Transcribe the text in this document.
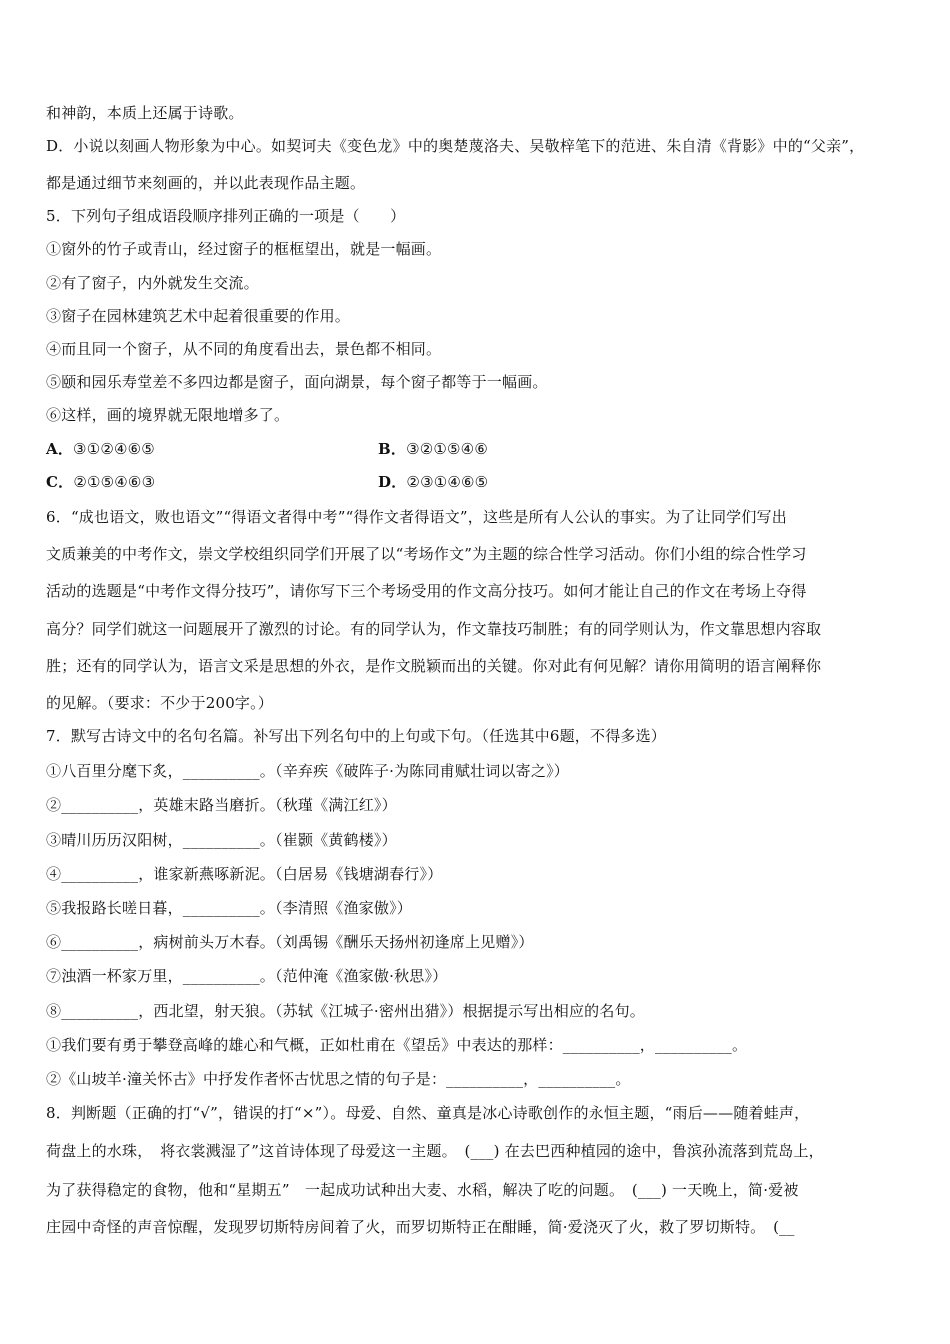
和神韵，本质上还属于诗歌。
D．小说以刻画人物形象为中心。如契诃夫《变色龙》中的奥楚蔑洛夫、吴敬梓笔下的范进、朱自清《背影》中的“父亲”，
都是通过细节来刻画的，并以此表现作品主题。
5．下列句子组成语段顺序排列正确的一项是（　　）
①窗外的竹子或青山，经过窗子的框框望出，就是一幅画。
②有了窗子，内外就发生交流。
③窗子在园林建筑艺术中起着很重要的作用。
④而且同一个窗子，从不同的角度看出去，景色都不相同。
⑤颐和园乐寿堂差不多四边都是窗子，面向湖景，每个窗子都等于一幅画。
⑥这样，画的境界就无限地增多了。
A．③①②④⑥⑤	B．③②①⑤④⑥
C．②①⑤④⑥③	D．②③①④⑥⑤
6．“成也语文，败也语文”“得语文者得中考”“得作文者得语文”，这些是所有人公认的事实。为了让同学们写出
文质兼美的中考作文，崇文学校组织同学们开展了以“考场作文”为主题的综合性学习活动。你们小组的综合性学习
活动的选题是“中考作文得分技巧”，请你写下三个考场受用的作文高分技巧。如何才能让自己的作文在考场上夺得
高分？同学们就这一问题展开了激烈的讨论。有的同学认为，作文靠技巧制胜；有的同学则认为，作文靠思想内容取
胜；还有的同学认为，语言文采是思想的外衣，是作文脱颖而出的关键。你对此有何见解？请你用简明的语言阐释你
的见解。（要求：不少于200字。）
7．默写古诗文中的名句名篇。补写出下列名句中的上句或下句。（任选其中6题，不得多选）
①八百里分麾下炙，__________。（辛弃疾《破阵子·为陈同甫赋壮词以寄之》）
②__________，英雄末路当磨折。（秋瑾《满江红》）
③晴川历历汉阳树，__________。（崔颢《黄鹤楼》）
④__________，谁家新燕啄新泥。（白居易《钱塘湖春行》）
⑤我报路长嗟日暮，__________。（李清照《渔家傲》）
⑥__________，病树前头万木春。（刘禹锡《酬乐天扬州初逢席上见赠》）
⑦浊酒一杯家万里，__________。（范仲淹《渔家傲·秋思》）
⑧__________，西北望，射天狼。（苏轼《江城子·密州出猎》）根据提示写出相应的名句。
①我们要有勇于攀登高峰的雄心和气概，正如杜甫在《望岳》中表达的那样：__________，__________。
②《山坡羊·潼关怀古》中抒发作者怀古忧思之情的句子是：__________，__________。
8．判断题（正确的打“√”，错误的打“×”）。母爱、自然、童真是冰心诗歌创作的永恒主题，“雨后——随着蛙声，
荷盘上的水珠，　将衣裳溅湿了”这首诗体现了母爱这一主题。　(___) 在去巴西种植园的途中，鲁滨孙流落到荒岛上，
为了获得稳定的食物，他和“星期五”　一起成功试种出大麦、水稻，解决了吃的问题。　(___) 一天晚上，简·爱被
庄园中奇怪的声音惊醒，发现罗切斯特房间着了火，而罗切斯特正在酣睡，简·爱浇灭了火，救了罗切斯特。　(__
